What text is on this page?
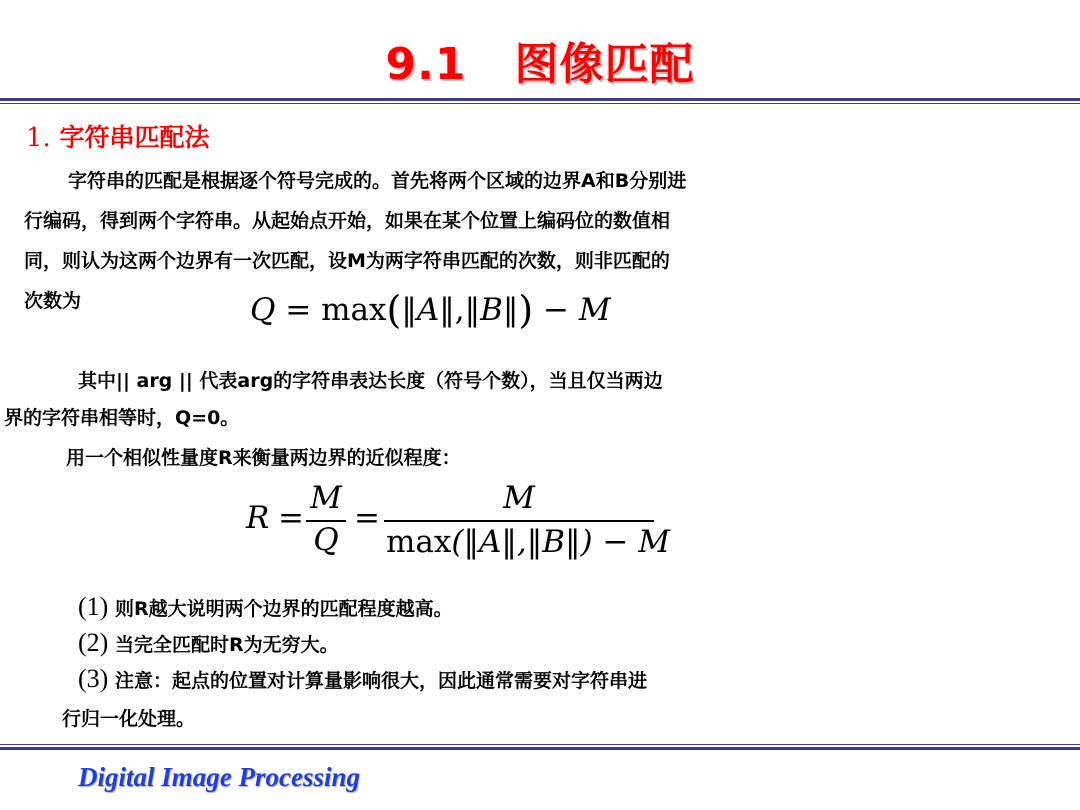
9.1 图像匹配
1. 字符串匹配法
字符串的匹配是根据逐个符号完成的。首先将两个区域的边界A和B分别进
行编码，得到两个字符串。从起始点开始，如果在某个位置上编码位的数值相
同，则认为这两个边界有一次匹配，设M为两字符串匹配的次数，则非匹配的
次数为	Q = max(‖A‖,‖B‖) − M
其中|| arg || 代表arg的字符串表达长度（符号个数），当且仅当两边
界的字符串相等时，Q=0。
用一个相似性量度R来衡量两边界的近似程度：
R =
M
Q
=
M
max(‖A‖,‖B‖) − M
(1) 则R越大说明两个边界的匹配程度越高。
(2) 当完全匹配时R为无穷大。
(3) 注意：起点的位置对计算量影响很大，因此通常需要对字符串进
行归一化处理。
Digital Image Processing
